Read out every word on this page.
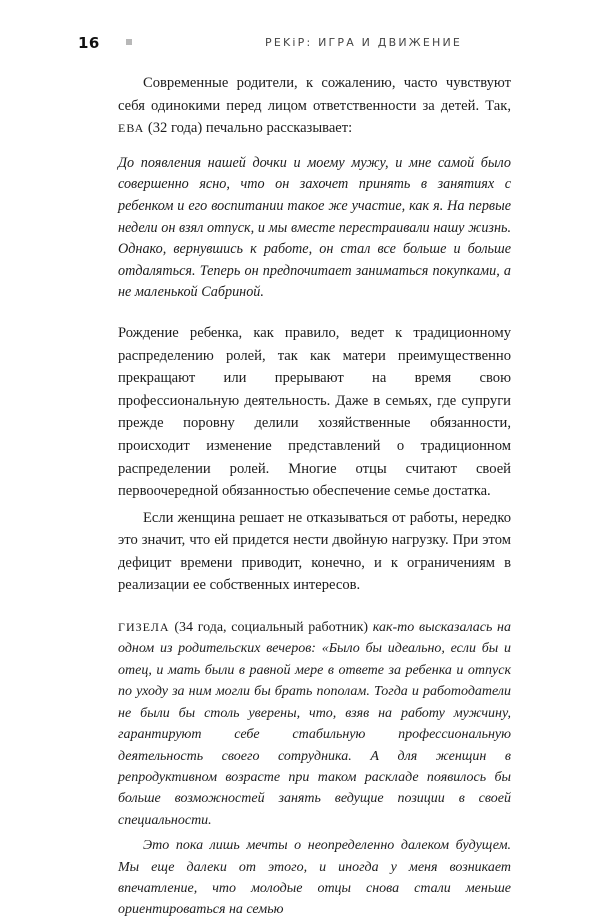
16	PEKiP: ИГРА И ДВИЖЕНИЕ

Современные родители, к сожалению, часто чувствуют себя одинокими перед лицом ответственности за детей. Так, ЕВА (32 года) печально рассказывает:

До появления нашей дочки и моему мужу, и мне самой было совершенно ясно, что он захочет принять в занятиях с ребенком и его воспитании такое же участие, как я. На первые недели он взял отпуск, и мы вместе перестраивали нашу жизнь. Однако, вернувшись к работе, он стал все больше и больше отдаляться. Теперь он предпочитает заниматься покупками, а не маленькой Сабриной.

Рождение ребенка, как правило, ведет к традиционному распределению ролей, так как матери преимущественно прекращают или прерывают на время свою профессиональную деятельность. Даже в семьях, где супруги прежде поровну делили хозяйственные обязанности, происходит изменение представлений о традиционном распределении ролей. Многие отцы считают своей первоочередной обязанностью обеспечение семье достатка.

Если женщина решает не отказываться от работы, нередко это значит, что ей придется нести двойную нагрузку. При этом дефицит времени приводит, конечно, и к ограничениям в реализации ее собственных интересов.

ГИЗЕЛА (34 года, социальный работник) как-то высказалась на одном из родительских вечеров: «Было бы идеально, если бы и отец, и мать были в равной мере в ответе за ребенка и отпуск по уходу за ним могли бы брать пополам. Тогда и работодатели не были бы столь уверены, что, взяв на работу мужчину, гарантируют себе стабильную профессиональную деятельность своего сотрудника. А для женщин в репродуктивном возрасте при таком раскладе появилось бы больше возможностей занять ведущие позиции в своей специальности.

Это пока лишь мечты о неопределенно далеком будущем. Мы еще далеки от этого, и иногда у меня возникает впечатление, что молодые отцы снова стали меньше ориентироваться на семью
